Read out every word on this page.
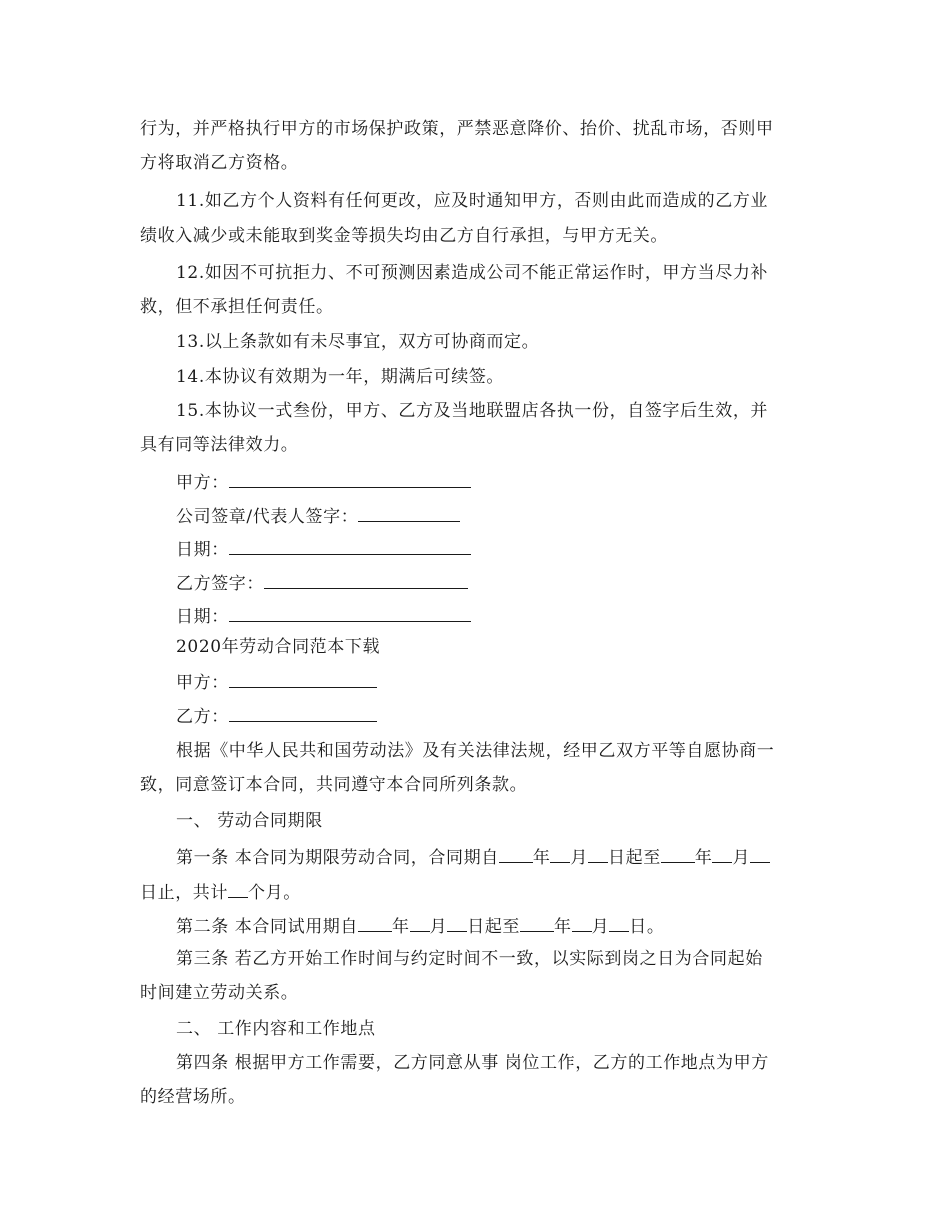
行为，并严格执行甲方的市场保护政策，严禁恶意降价、抬价、扰乱市场，否则甲
方将取消乙方资格。
11.如乙方个人资料有任何更改，应及时通知甲方，否则由此而造成的乙方业
绩收入减少或未能取到奖金等损失均由乙方自行承担，与甲方无关。
12.如因不可抗拒力、不可预测因素造成公司不能正常运作时，甲方当尽力补
救，但不承担任何责任。
13.以上条款如有未尽事宜，双方可协商而定。
14.本协议有效期为一年，期满后可续签。
15.本协议一式叁份，甲方、乙方及当地联盟店各执一份，自签字后生效，并
具有同等法律效力。
甲方：
公司签章/代表人签字：
日期：
乙方签字：
日期：
2020年劳动合同范本下载
甲方：
乙方：
根据《中华人民共和国劳动法》及有关法律法规，经甲乙双方平等自愿协商一
致，同意签订本合同，共同遵守本合同所列条款。
一、 劳动合同期限
第一条 本合同为期限劳动合同，合同期自 年 月 日起至 年 月
日止，共计 个月。
第二条 本合同试用期自 年 月 日起至 年 月 日。
第三条 若乙方开始工作时间与约定时间不一致，以实际到岗之日为合同起始
时间建立劳动关系。
二、 工作内容和工作地点
第四条 根据甲方工作需要，乙方同意从事 岗位工作，乙方的工作地点为甲方
的经营场所。
